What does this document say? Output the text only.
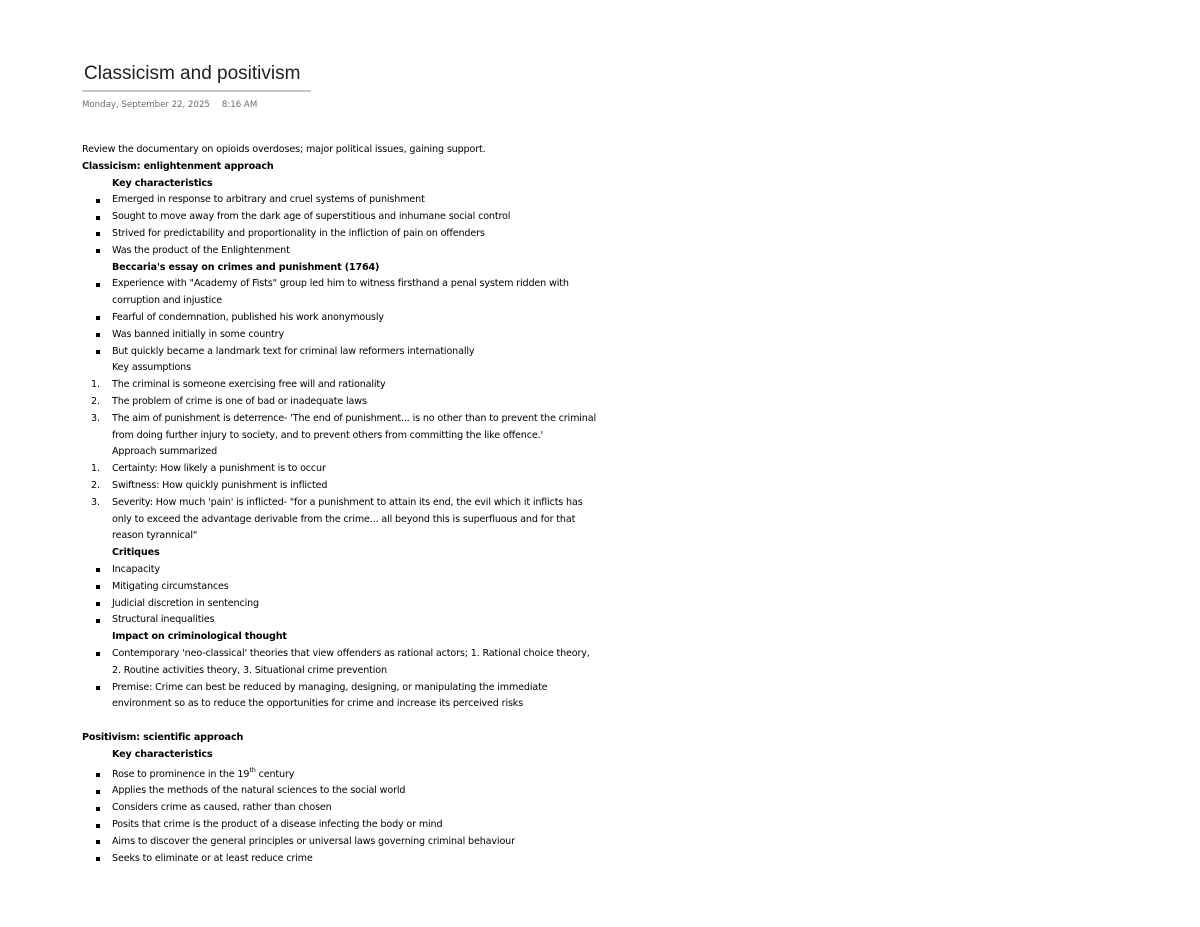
Classicism and positivism
Monday, September 22, 2025 8:16 AM
Review the documentary on opioids overdoses; major political issues, gaining support.
Classicism: enlightenment approach
Key characteristics
Emerged in response to arbitrary and cruel systems of punishment
Sought to move away from the dark age of superstitious and inhumane social control
Strived for predictability and proportionality in the infliction of pain on offenders
Was the product of the Enlightenment
Beccaria's essay on crimes and punishment (1764)
Experience with "Academy of Fists" group led him to witness firsthand a penal system ridden with corruption and injustice
Fearful of condemnation, published his work anonymously
Was banned initially in some country
But quickly became a landmark text for criminal law reformers internationally
Key assumptions
1. The criminal is someone exercising free will and rationality
2. The problem of crime is one of bad or inadequate laws
3. The aim of punishment is deterrence- 'The end of punishment... is no other than to prevent the criminal from doing further injury to society, and to prevent others from committing the like offence.'
Approach summarized
1. Certainty: How likely a punishment is to occur
2. Swiftness: How quickly punishment is inflicted
3. Severity: How much 'pain' is inflicted- "for a punishment to attain its end, the evil which it inflicts has only to exceed the advantage derivable from the crime... all beyond this is superfluous and for that reason tyrannical"
Critiques
Incapacity
Mitigating circumstances
Judicial discretion in sentencing
Structural inequalities
Impact on criminological thought
Contemporary 'neo-classical' theories that view offenders as rational actors; 1. Rational choice theory, 2. Routine activities theory, 3. Situational crime prevention
Premise: Crime can best be reduced by managing, designing, or manipulating the immediate environment so as to reduce the opportunities for crime and increase its perceived risks
Positivism: scientific approach
Key characteristics
Rose to prominence in the 19th century
Applies the methods of the natural sciences to the social world
Considers crime as caused, rather than chosen
Posits that crime is the product of a disease infecting the body or mind
Aims to discover the general principles or universal laws governing criminal behaviour
Seeks to eliminate or at least reduce crime
